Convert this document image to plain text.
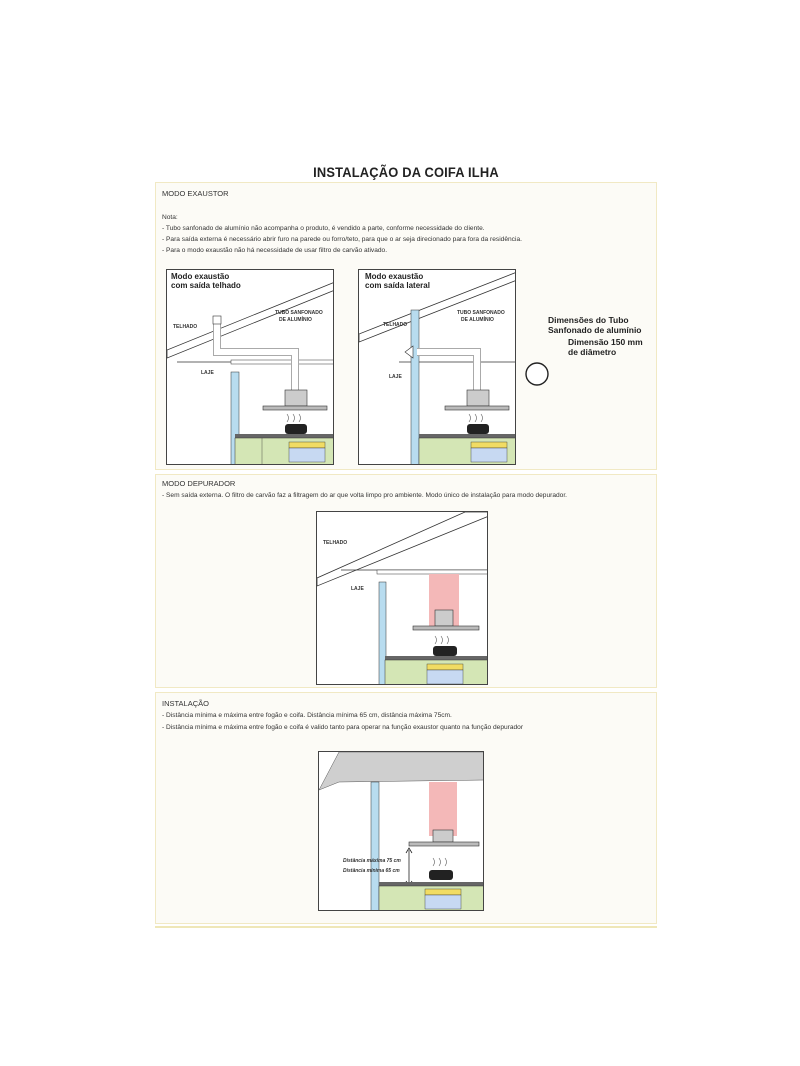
INSTALAÇÃO DA COIFA ILHA
MODO EXAUSTOR
Nota:
- Tubo sanfonado de alumínio não acompanha o produto, é vendido a parte, conforme necessidade do cliente.
- Para saída externa é necessário abrir furo na parede ou forro/teto, para que o ar seja direcionado para fora da residência.
- Para o modo exaustão não há necessidade de usar filtro de carvão ativado.
Modo exaustão
com saída telhado
TELHADO
TUBO SANFONADO
DE ALUMÍNIO
LAJE
Modo exaustão
com saída lateral
TELHADO
TUBO SANFONADO
DE ALUMÍNIO
LAJE
Dimensões do Tubo
Sanfonado de alumínio
Dimensão 150 mm
de diâmetro
MODO DEPURADOR
- Sem saída externa. O filtro de carvão faz a filtragem do ar que volta limpo pro ambiente. Modo único de instalação para modo depurador.
TELHADO
LAJE
INSTALAÇÃO
- Distância mínima e máxima entre fogão e coifa. Distância mínima 65 cm, distância máxima 75cm.
- Distância mínima e máxima entre fogão e coifa é valido tanto para operar na função exaustor quanto na função depurador
Distância máxima 75 cm
Distância mínima 65 cm
